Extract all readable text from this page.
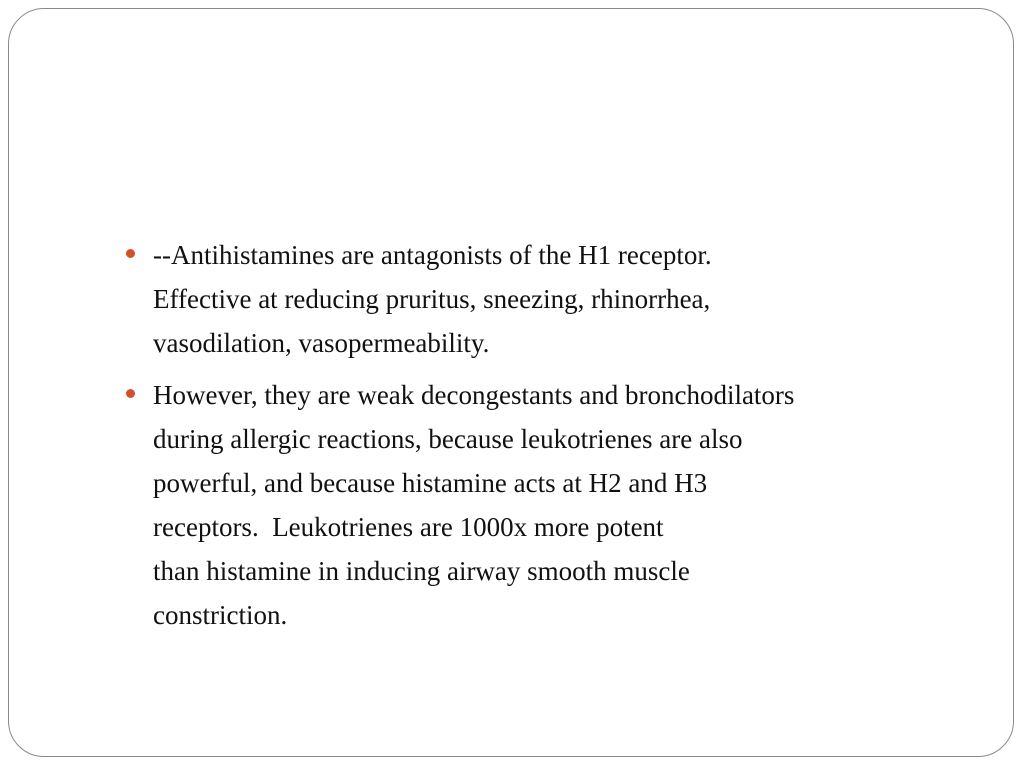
--Antihistamines are antagonists of the H1 receptor.
Effective at reducing pruritus, sneezing, rhinorrhea,
vasodilation, vasopermeability.
However, they are weak decongestants and bronchodilators
during allergic reactions, because leukotrienes are also
powerful, and because histamine acts at H2 and H3
receptors.  Leukotrienes are 1000x more potent
than histamine in inducing airway smooth muscle
constriction.
